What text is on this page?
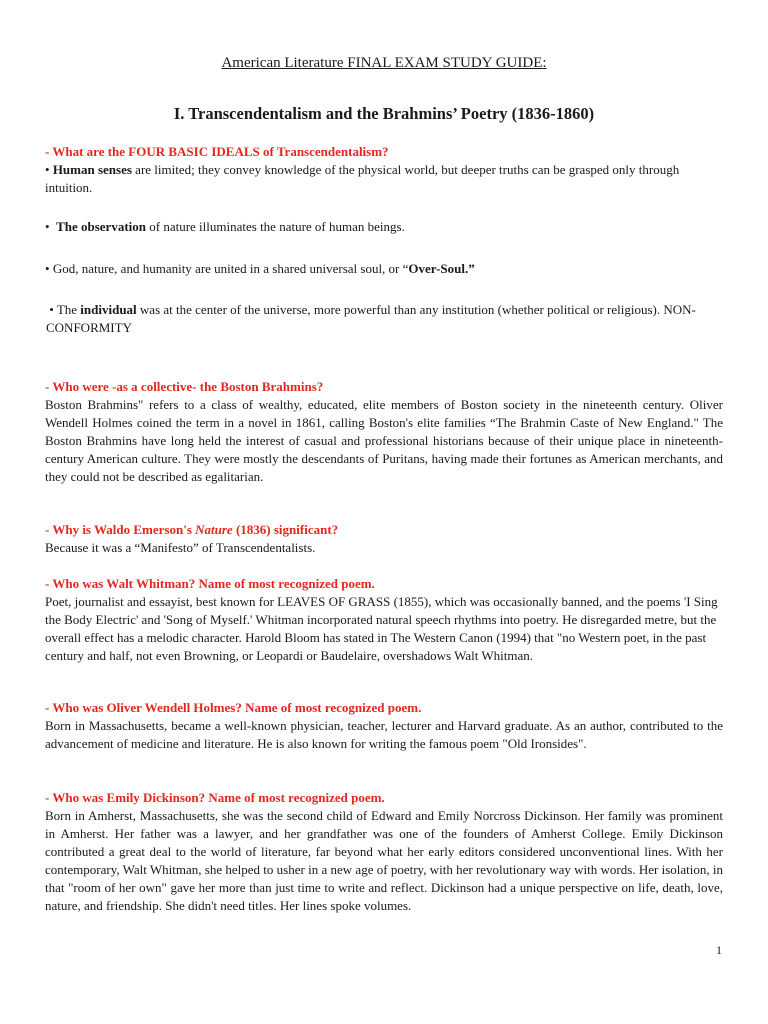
American Literature FINAL EXAM STUDY GUIDE:
I. Transcendentalism and the Brahmins’ Poetry (1836-1860)
- What are the FOUR BASIC IDEALS of Transcendentalism?
• Human senses are limited; they convey knowledge of the physical world, but deeper truths can be grasped only through intuition.
• The observation of nature illuminates the nature of human beings.
• God, nature, and humanity are united in a shared universal soul, or “Over-Soul.”
• The individual was at the center of the universe, more powerful than any institution (whether political or religious). NON- CONFORMITY
- Who were -as a collective- the Boston Brahmins?
Boston Brahmins" refers to a class of wealthy, educated, elite members of Boston society in the nineteenth century. Oliver Wendell Holmes coined the term in a novel in 1861, calling Boston's elite families “The Brahmin Caste of New England." The Boston Brahmins have long held the interest of casual and professional historians because of their unique place in nineteenth-century American culture. They were mostly the descendants of Puritans, having made their fortunes as American merchants, and they could not be described as egalitarian.
- Why is Waldo Emerson's Nature (1836) significant?
Because it was a “Manifesto” of Transcendentalists.
- Who was Walt Whitman? Name of most recognized poem.
Poet, journalist and essayist, best known for LEAVES OF GRASS (1855), which was occasionally banned, and the poems 'I Sing the Body Electric' and 'Song of Myself.' Whitman incorporated natural speech rhythms into poetry. He disregarded metre, but the overall effect has a melodic character. Harold Bloom has stated in The Western Canon (1994) that "no Western poet, in the past century and half, not even Browning, or Leopardi or Baudelaire, overshadows Walt Whitman.
- Who was Oliver Wendell Holmes? Name of most recognized poem.
Born in Massachusetts, became a well-known physician, teacher, lecturer and Harvard graduate. As an author, contributed to the advancement of medicine and literature. He is also known for writing the famous poem "Old Ironsides".
- Who was Emily Dickinson? Name of most recognized poem.
Born in Amherst, Massachusetts, she was the second child of Edward and Emily Norcross Dickinson. Her family was prominent in Amherst. Her father was a lawyer, and her grandfather was one of the founders of Amherst College. Emily Dickinson contributed a great deal to the world of literature, far beyond what her early editors considered unconventional lines. With her contemporary, Walt Whitman, she helped to usher in a new age of poetry, with her revolutionary way with words. Her isolation, in that "room of her own" gave her more than just time to write and reflect. Dickinson had a unique perspective on life, death, love, nature, and friendship. She didn't need titles. Her lines spoke volumes.
1
